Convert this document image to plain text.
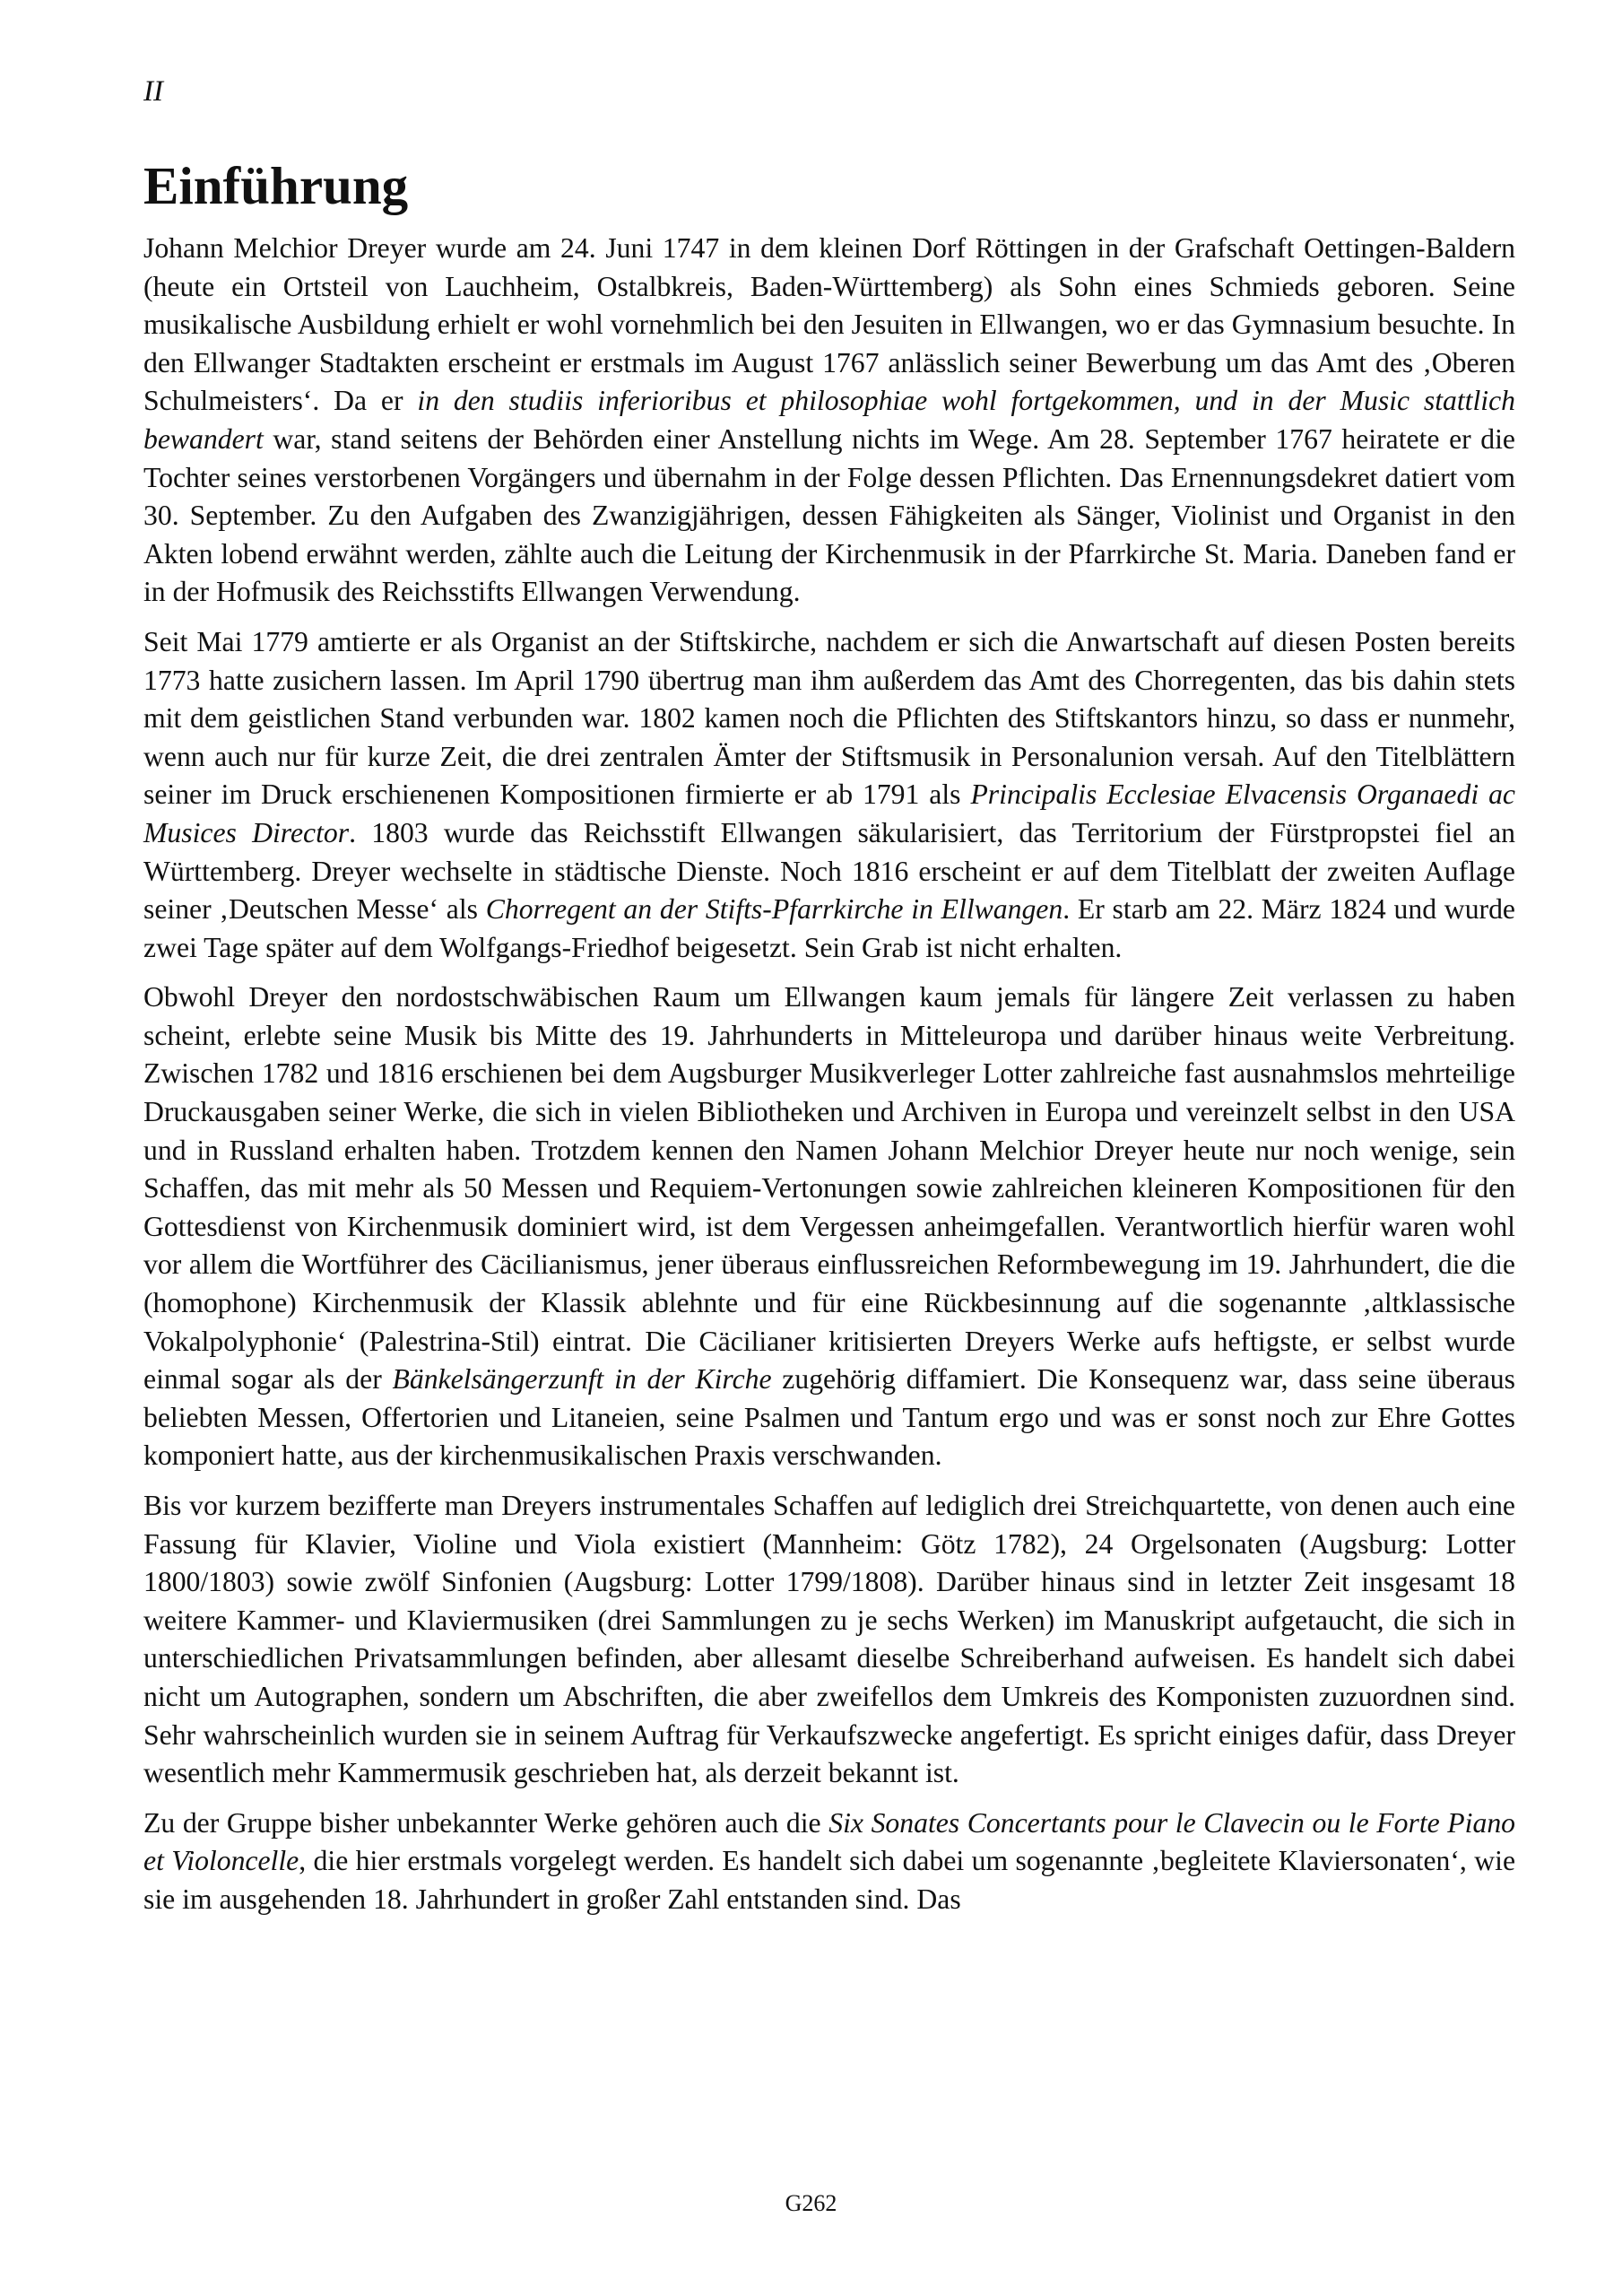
II
Einführung

Johann Melchior Dreyer wurde am 24. Juni 1747 in dem kleinen Dorf Röttingen in der Grafschaft Oettingen-Baldern (heute ein Ortsteil von Lauchheim, Ostalbkreis, Baden-Württemberg) als Sohn eines Schmieds geboren. Seine musikalische Ausbildung erhielt er wohl vornehmlich bei den Jesuiten in Ellwangen, wo er das Gymnasium besuchte. In den Ellwanger Stadtakten erscheint er erstmals im August 1767 anlässlich seiner Bewerbung um das Amt des ‚Oberen Schulmeisters‘. Da er in den studiis inferioribus et philosophiae wohl fortgekommen, und in der Music stattlich bewandert war, stand seitens der Behörden einer Anstellung nichts im Wege. Am 28. September 1767 heiratete er die Tochter seines verstorbenen Vorgängers und übernahm in der Folge dessen Pflichten. Das Ernennungsdekret datiert vom 30. September. Zu den Aufgaben des Zwanzigjährigen, dessen Fähigkeiten als Sänger, Violinist und Organist in den Akten lobend erwähnt werden, zählte auch die Leitung der Kirchenmusik in der Pfarrkirche St. Maria. Daneben fand er in der Hofmusik des Reichsstifts Ellwangen Verwendung.

Seit Mai 1779 amtierte er als Organist an der Stiftskirche, nachdem er sich die Anwartschaft auf diesen Posten bereits 1773 hatte zusichern lassen. Im April 1790 übertrug man ihm außerdem das Amt des Chorregenten, das bis dahin stets mit dem geistlichen Stand verbunden war. 1802 kamen noch die Pflichten des Stiftskantors hinzu, so dass er nunmehr, wenn auch nur für kurze Zeit, die drei zentralen Ämter der Stiftsmusik in Personalunion versah. Auf den Titelblättern seiner im Druck erschienenen Kompositionen firmierte er ab 1791 als Principalis Ecclesiae Elvacensis Organaedi ac Musices Director. 1803 wurde das Reichsstift Ellwangen säkularisiert, das Territorium der Fürstpropstei fiel an Württemberg. Dreyer wechselte in städtische Dienste. Noch 1816 erscheint er auf dem Titelblatt der zweiten Auflage seiner ‚Deutschen Messe‘ als Chorregent an der Stifts-Pfarrkirche in Ellwangen. Er starb am 22. März 1824 und wurde zwei Tage später auf dem Wolfgangs-Friedhof beigesetzt. Sein Grab ist nicht erhalten.

Obwohl Dreyer den nordostschwäbischen Raum um Ellwangen kaum jemals für längere Zeit verlassen zu haben scheint, erlebte seine Musik bis Mitte des 19. Jahrhunderts in Mitteleuropa und darüber hinaus weite Verbreitung. Zwischen 1782 und 1816 erschienen bei dem Augsburger Musikverleger Lotter zahlreiche fast ausnahmslos mehrteilige Druckausgaben seiner Werke, die sich in vielen Bibliotheken und Archiven in Europa und vereinzelt selbst in den USA und in Russland erhalten haben. Trotzdem kennen den Namen Johann Melchior Dreyer heute nur noch wenige, sein Schaffen, das mit mehr als 50 Messen und Requiem-Vertonungen sowie zahlreichen kleineren Kompositionen für den Gottesdienst von Kirchenmusik dominiert wird, ist dem Vergessen anheimgefallen. Verantwortlich hierfür waren wohl vor allem die Wortführer des Cäcilianismus, jener überaus einflussreichen Reformbewegung im 19. Jahrhundert, die die (homophone) Kirchenmusik der Klassik ablehnte und für eine Rückbesinnung auf die sogenannte ‚altklassische Vokalpolyphonie‘ (Palestrina-Stil) eintrat. Die Cäcilianer kritisierten Dreyers Werke aufs heftigste, er selbst wurde einmal sogar als der Bänkelsängerzunft in der Kirche zugehörig diffamiert. Die Konsequenz war, dass seine überaus beliebten Messen, Offertorien und Litaneien, seine Psalmen und Tantum ergo und was er sonst noch zur Ehre Gottes komponiert hatte, aus der kirchenmusikalischen Praxis verschwanden.

Bis vor kurzem bezifferte man Dreyers instrumentales Schaffen auf lediglich drei Streichquartette, von denen auch eine Fassung für Klavier, Violine und Viola existiert (Mannheim: Götz 1782), 24 Orgelsonaten (Augsburg: Lotter 1800/1803) sowie zwölf Sinfonien (Augsburg: Lotter 1799/1808). Darüber hinaus sind in letzter Zeit insgesamt 18 weitere Kammer- und Klaviermusiken (drei Sammlungen zu je sechs Werken) im Manuskript aufgetaucht, die sich in unterschiedlichen Privatsammlungen befinden, aber allesamt dieselbe Schreiberhand aufweisen. Es handelt sich dabei nicht um Autographen, sondern um Abschriften, die aber zweifellos dem Umkreis des Komponisten zuzuordnen sind. Sehr wahrscheinlich wurden sie in seinem Auftrag für Verkaufszwecke angefertigt. Es spricht einiges dafür, dass Dreyer wesentlich mehr Kammermusik geschrieben hat, als derzeit bekannt ist.

Zu der Gruppe bisher unbekannter Werke gehören auch die Six Sonates Concertants pour le Clavecin ou le Forte Piano et Violoncelle, die hier erstmals vorgelegt werden. Es handelt sich dabei um sogenannte ‚begleitete Klaviersonaten‘, wie sie im ausgehenden 18. Jahrhundert in großer Zahl entstanden sind. Das

G262
